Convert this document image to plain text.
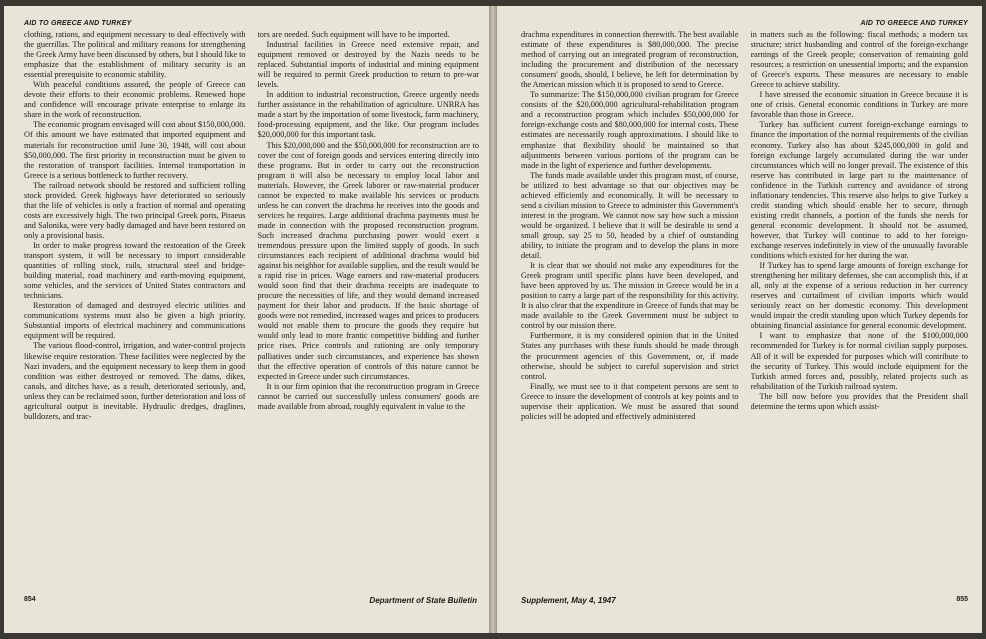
AID TO GREECE AND TURKEY

clothing, rations, and equipment necessary to deal effectively with the guerrillas. The political and military reasons for strengthening the Greek Army have been discussed by others, but I should like to emphasize that the establishment of military security is an essential prerequisite to economic stability.

With peaceful conditions assured, the people of Greece can devote their efforts to their economic problems. Renewed hope and confidence will encourage private enterprise to enlarge its share in the work of reconstruction.

The economic program envisaged will cost about $150,000,000. Of this amount we have estimated that imported equipment and materials for reconstruction until June 30, 1948, will cost about $50,000,000. The first priority in reconstruction must be given to the restoration of transport facilities. Internal transportation in Greece is a serious bottleneck to further recovery.

The railroad network should be restored and sufficient rolling stock provided. Greek highways have deteriorated so seriously that the life of vehicles is only a fraction of normal and operating costs are excessively high. The two principal Greek ports, Piraeus and Salonika, were very badly damaged and have been restored on only a provisional basis.

In order to make progress toward the restoration of the Greek transport system, it will be necessary to import considerable quantities of rolling stock, rails, structural steel and bridge-building material, road machinery and earth-moving equipment, some vehicles, and the services of United States contractors and technicians.

Restoration of damaged and destroyed electric utilities and communications systems must also be given a high priority. Substantial imports of electrical machinery and communications equipment will be required.

The various flood-control, irrigation, and water-control projects likewise require restoration. These facilities were neglected by the Nazi invaders, and the equipment necessary to keep them in good condition was either destroyed or removed. The dams, dikes, canals, and ditches have, as a result, deteriorated seriously, and, unless they can be reclaimed soon, further deterioration and loss of agricultural output is inevitable. Hydraulic dredges, draglines, bulldozers, and trac-

tors are needed. Such equipment will have to be imported.

Industrial facilities in Greece need extensive repair, and equipment removed or destroyed by the Nazis needs to be replaced. Substantial imports of industrial and mining equipment will be required to permit Greek production to return to pre-war levels.

In addition to industrial reconstruction, Greece urgently needs further assistance in the rehabilitation of agriculture. UNRRA has made a start by the importation of some livestock, farm machinery, food-processing equipment, and the like. Our program includes $20,000,000 for this important task.

This $20,000,000 and the $50,000,000 for reconstruction are to cover the cost of foreign goods and services entering directly into these programs. But in order to carry out the reconstruction program it will also be necessary to employ local labor and materials. However, the Greek laborer or raw-material producer cannot be expected to make available his services or products unless he can convert the drachma he receives into the goods and services he requires. Large additional drachma payments must be made in connection with the proposed reconstruction program. Such increased drachma purchasing power would exert a tremendous pressure upon the limited supply of goods. In such circumstances each recipient of additional drachma would bid against his neighbor for available supplies, and the result would be a rapid rise in prices. Wage earners and raw-material producers would soon find that their drachma receipts are inadequate to procure the necessities of life, and they would demand increased payment for their labor and products. If the basic shortage of goods were not remedied, increased wages and prices to producers would not enable them to procure the goods they require but would only lead to more frantic competitive bidding and further price rises. Price controls and rationing are only temporary palliatives under such circumstances, and experience has shown that the effective operation of controls of this nature cannot be expected in Greece under such circumstances.

It is our firm opinion that the reconstruction program in Greece cannot be carried out successfully unless consumers' goods are made available from abroad, roughly equivalent in value to the

854	Department of State Bulletin
AID TO GREECE AND TURKEY

drachma expenditures in connection therewith. The best available estimate of these expenditures is $80,000,000. The precise method of carrying out an integrated program of reconstruction, including the procurement and distribution of the necessary consumers' goods, should, I believe, be left for determination by the American mission which it is proposed to send to Greece.

To summarize: The $150,000,000 civilian program for Greece consists of the $20,000,000 agricultural-rehabilitation program and a reconstruction program which includes $50,000,000 for foreign-exchange costs and $80,000,000 for internal costs. These estimates are necessarily rough approximations. I should like to emphasize that flexibility should be maintained so that adjustments between various portions of the program can be made in the light of experience and further developments.

The funds made available under this program must, of course, be utilized to best advantage so that our objectives may be achieved efficiently and economically. It will be necessary to send a civilian mission to Greece to administer this Government's interest in the program. We cannot now say how such a mission would be organized. I believe that it will be desirable to send a small group, say 25 to 50, headed by a chief of outstanding ability, to initiate the program and to develop the plans in more detail.

It is clear that we should not make any expenditures for the Greek program until specific plans have been developed, and have been approved by us. The mission in Greece would be in a position to carry a large part of the responsibility for this activity. It is also clear that the expenditure in Greece of funds that may be made available to the Greek Government must be subject to control by our mission there.

Furthermore, it is my considered opinion that in the United States any purchases with these funds should be made through the procurement agencies of this Government, or, if made otherwise, should be subject to careful supervision and strict control.

Finally, we must see to it that competent persons are sent to Greece to insure the development of controls at key points and to supervise their application. We must be assured that sound policies will be adopted and effectively administered

in matters such as the following: fiscal methods; a modern tax structure; strict husbanding and control of the foreign-exchange earnings of the Greek people; conservation of remaining gold resources; a restriction on unessential imports; and the expansion of Greece's exports. These measures are necessary to enable Greece to achieve stability.

I have stressed the economic situation in Greece because it is one of crisis. General economic conditions in Turkey are more favorable than those in Greece.

Turkey has sufficient current foreign-exchange earnings to finance the importation of the normal requirements of the civilian economy. Turkey also has about $245,000,000 in gold and foreign exchange largely accumulated during the war under circumstances which will no longer prevail. The existence of this reserve has contributed in large part to the maintenance of confidence in the Turkish currency and avoidance of strong inflationary tendencies. This reserve also helps to give Turkey a credit standing which should enable her to secure, through existing credit channels, a portion of the funds she needs for general economic development. It should not be assumed, however, that Turkey will continue to add to her foreign-exchange reserves indefinitely in view of the unusually favorable conditions which existed for her during the war.

If Turkey has to spend large amounts of foreign exchange for strengthening her military defenses, she can accomplish this, if at all, only at the expense of a serious reduction in her currency reserves and curtailment of civilian imports which would seriously react on her domestic economy. This development would impair the credit standing upon which Turkey depends for obtaining financial assistance for general economic development.

I want to emphasize that none of the $100,000,000 recommended for Turkey is for normal civilian supply purposes. All of it will be expended for purposes which will contribute to the security of Turkey. This would include equipment for the Turkish armed forces and, possibly, related projects such as rehabilitation of the Turkish railroad system.

The bill now before you provides that the President shall determine the terms upon which assist-

Supplement, May 4, 1947	855
